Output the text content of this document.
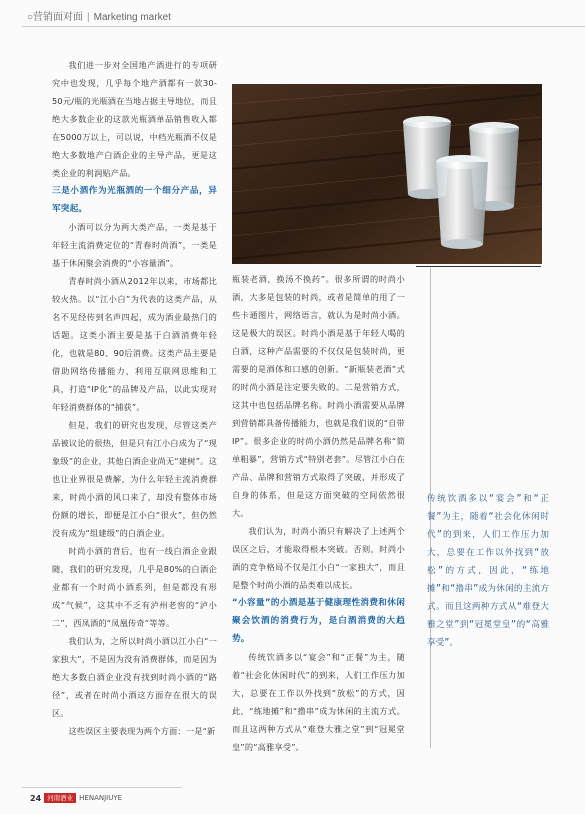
○营销面对面 | Marketing market

我们进一步对全国地产酒进行的专项研究中也发现，几乎每个地产酒都有一款30-50元/瓶的光瓶酒在当地占据主导地位，而且绝大多数企业的这款光瓶酒单品销售收入都在5000万以上，可以说，中档光瓶酒不仅是绝大多数地产白酒企业的主导产品，更是这类企业的利润贴产品。

三是小酒作为光瓶酒的一个细分产品，异军突起。

小酒可以分为两大类产品，一类是基于年轻主流消费定位的“青春时尚酒”，一类是基于休闲聚会消费的“小容量酒”。

青春时尚小酒从2012年以来，市场都比较火热。以“江小白”为代表的这类产品，从名不见经传到名声四起，成为酒业最热门的话题。这类小酒主要是基于白酒消费年轻化，也就是80、90后消费。这类产品主要是借助网络传播能力，利用互联网思维和工具，打造“IP化”的品牌及产品，以此实现对年轻消费群体的“捕获”。

但是，我们的研究也发现，尽管这类产品被议论的很热，但是只有江小白成为了“现象级”的企业，其他白酒企业尚无“建树”。这也让业界很是费解，为什么年轻主流消费群来，时尚小酒的风口来了，却没有整体市场份额的增长，即便是江小白“很火”，但仍然没有成为“组建级”的白酒企业。

时尚小酒的背后，也有一线白酒企业跟随，我们的研究发现，几乎是80%的白酒企业都有一个时尚小酒系列，但是都没有形成“气候”，这其中不乏有泸州老窖的“泸小二”，西凤酒的“凤凰传奇”等等。

我们认为，之所以时尚小酒以江小白“一家独大”，不是因为没有消费群体，而是因为绝大多数白酒企业没有找到时尚小酒的“路径”，或者在时尚小酒这方面存在很大的误区。

这些误区主要表现为两个方面：一是“新

瓶装老酒，换汤不换药”。很多所谓的时尚小酒，大多是包装的时尚，或者是简单的用了一些卡通图片，网络语言，就认为是时尚小酒。这是极大的误区。时尚小酒是基于年轻人喝的白酒，这种产品需要的不仅仅是包装时尚，更需要的是酒体和口感的创新。“新瓶装老酒”式的时尚小酒是注定要失败的。二是营销方式，这其中也包括品牌名称。时尚小酒需要从品牌到营销都具备传播能力，也就是我们说的“自带IP”。很多企业的时尚小酒仍然是品牌名称“简单粗暴”，营销方式“特别老套”。尽管江小白在产品、品牌和营销方式取得了突破，并形成了自身的体系，但是这方面突破的空间依然很大。

我们认为，时尚小酒只有解决了上述两个误区之后，才能取得根本突破。否则，时尚小酒的竞争格局不仅是江小白“一家独大”，而且是整个时尚小酒的品类难以成长。

“小容量”的小酒是基于健康理性消费和休闲聚会饮酒的消费行为，是白酒消费的大趋势。

传统饮酒多以“宴会”和“正餐”为主，随着“社会化休闲时代”的到来，人们工作压力加大，总要在工作以外找到“放松”的方式，因此，“练地摊”和“撸串”成为休闲的主流方式。而且这两种方式从“难登大雅之堂”到“冠冕堂皇”的“高雅享受”。

传统饮酒多以“宴会”和“正餐”为主，随着“社会化休闲时代”的到来，人们工作压力加大，总要在工作以外找到“放松”的方式，因此，“练地摊”和“撸串”成为休闲的主流方式。而且这两种方式从“难登大雅之堂”到“冠冕堂皇”的“高雅享受”。
24 河南酒业 HENANJIUYE
